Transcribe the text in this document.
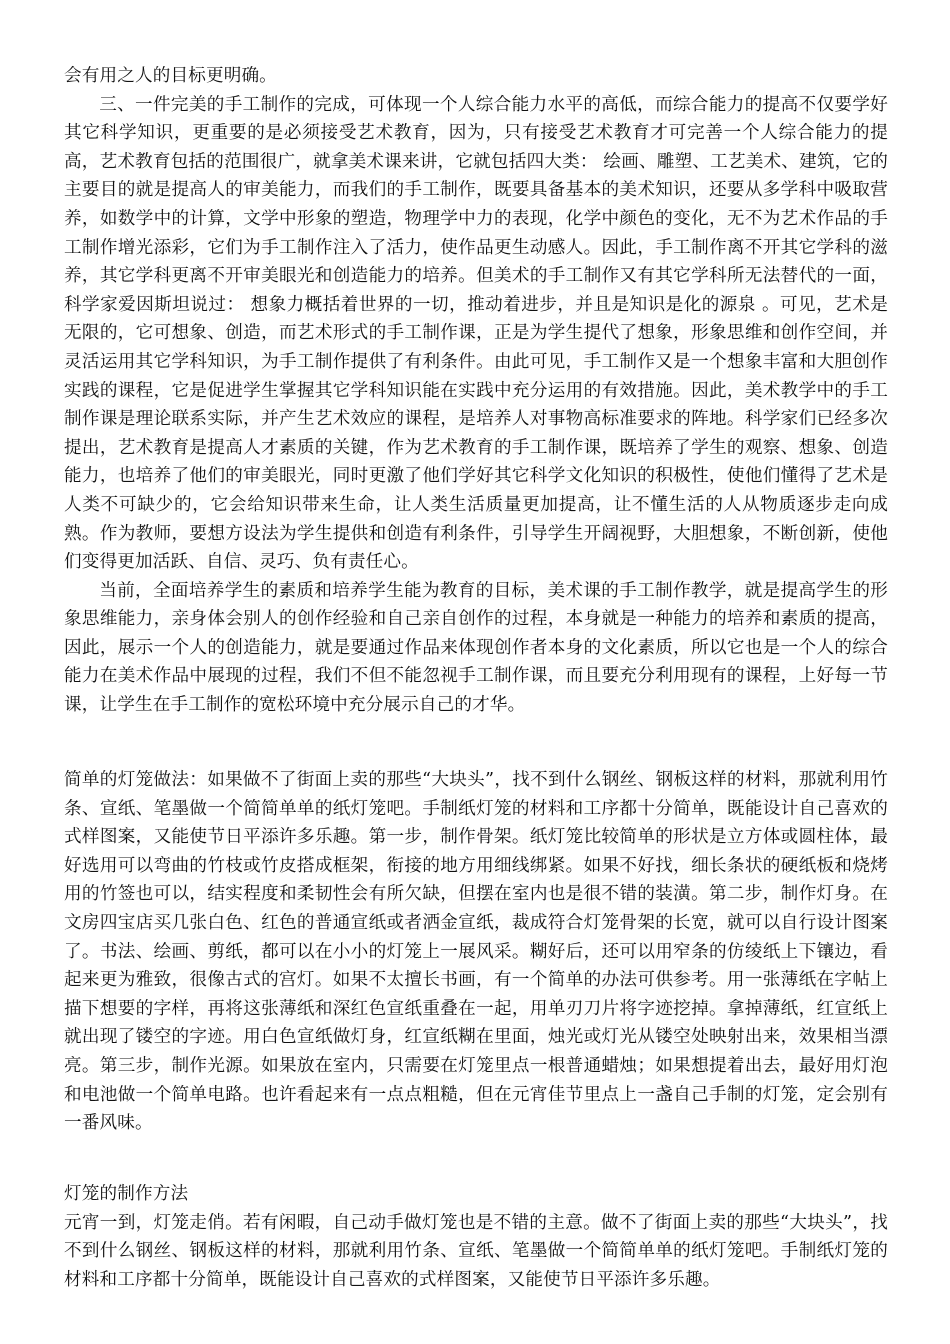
会有用之人的目标更明确。

三、一件完美的手工制作的完成，可体现一个人综合能力水平的高低，而综合能力的提高不仅要学好其它科学知识，更重要的是必须接受艺术教育，因为，只有接受艺术教育才可完善一个人综合能力的提高，艺术教育包括的范围很广，就拿美术课来讲，它就包括四大类： 绘画、雕塑、工艺美术、建筑，它的主要目的就是提高人的审美能力，而我们的手工制作，既要具备基本的美术知识，还要从多学科中吸取营养，如数学中的计算，文学中形象的塑造，物理学中力的表现，化学中颜色的变化，无不为艺术作品的手工制作增光添彩，它们为手工制作注入了活力，使作品更生动感人。因此，手工制作离不开其它学科的滋养，其它学科更离不开审美眼光和创造能力的培养。但美术的手工制作又有其它学科所无法替代的一面，科学家爱因斯坦说过： 想象力概括着世界的一切，推动着进步，并且是知识是化的源泉 。可见，艺术是无限的，它可想象、创造，而艺术形式的手工制作课，正是为学生提代了想象，形象思维和创作空间，并灵活运用其它学科知识，为手工制作提供了有利条件。由此可见，手工制作又是一个想象丰富和大胆创作实践的课程，它是促进学生掌握其它学科知识能在实践中充分运用的有效措施。因此，美术教学中的手工制作课是理论联系实际，并产生艺术效应的课程，是培养人对事物高标准要求的阵地。科学家们已经多次提出，艺术教育是提高人才素质的关键，作为艺术教育的手工制作课，既培养了学生的观察、想象、创造能力，也培养了他们的审美眼光，同时更激了他们学好其它科学文化知识的积极性，使他们懂得了艺术是人类不可缺少的，它会给知识带来生命，让人类生活质量更加提高，让不懂生活的人从物质逐步走向成熟。作为教师，要想方设法为学生提供和创造有利条件，引导学生开阔视野，大胆想象，不断创新，使他们变得更加活跃、自信、灵巧、负有责任心。

当前，全面培养学生的素质和培养学生能为教育的目标，美术课的手工制作教学，就是提高学生的形象思维能力，亲身体会别人的创作经验和自己亲自创作的过程，本身就是一种能力的培养和素质的提高，因此，展示一个人的创造能力，就是要通过作品来体现创作者本身的文化素质，所以它也是一个人的综合能力在美术作品中展现的过程，我们不但不能忽视手工制作课，而且要充分利用现有的课程，上好每一节课，让学生在手工制作的宽松环境中充分展示自己的才华。

简单的灯笼做法：如果做不了街面上卖的那些“大块头”，找不到什么钢丝、钢板这样的材料，那就利用竹条、宣纸、笔墨做一个简简单单的纸灯笼吧。手制纸灯笼的材料和工序都十分简单，既能设计自己喜欢的式样图案，又能使节日平添许多乐趣。第一步，制作骨架。纸灯笼比较简单的形状是立方体或圆柱体，最好选用可以弯曲的竹枝或竹皮搭成框架，衔接的地方用细线绑紧。如果不好找，细长条状的硬纸板和烧烤用的竹签也可以，结实程度和柔韧性会有所欠缺，但摆在室内也是很不错的装潢。第二步，制作灯身。在文房四宝店买几张白色、红色的普通宣纸或者洒金宣纸，裁成符合灯笼骨架的长宽，就可以自行设计图案了。书法、绘画、剪纸，都可以在小小的灯笼上一展风采。糊好后，还可以用窄条的仿绫纸上下镶边，看起来更为雅致，很像古式的宫灯。如果不太擅长书画，有一个简单的办法可供参考。用一张薄纸在字帖上描下想要的字样，再将这张薄纸和深红色宣纸重叠在一起，用单刃刀片将字迹挖掉。拿掉薄纸，红宣纸上就出现了镂空的字迹。用白色宣纸做灯身，红宣纸糊在里面，烛光或灯光从镂空处映射出来，效果相当漂亮。第三步，制作光源。如果放在室内，只需要在灯笼里点一根普通蜡烛；如果想提着出去，最好用灯泡和电池做一个简单电路。也许看起来有一点点粗糙，但在元宵佳节里点上一盏自己手制的灯笼，定会别有一番风味。

灯笼的制作方法

元宵一到，灯笼走俏。若有闲暇，自己动手做灯笼也是不错的主意。做不了街面上卖的那些“大块头”，找不到什么钢丝、钢板这样的材料，那就利用竹条、宣纸、笔墨做一个简简单单的纸灯笼吧。手制纸灯笼的材料和工序都十分简单，既能设计自己喜欢的式样图案，又能使节日平添许多乐趣。
